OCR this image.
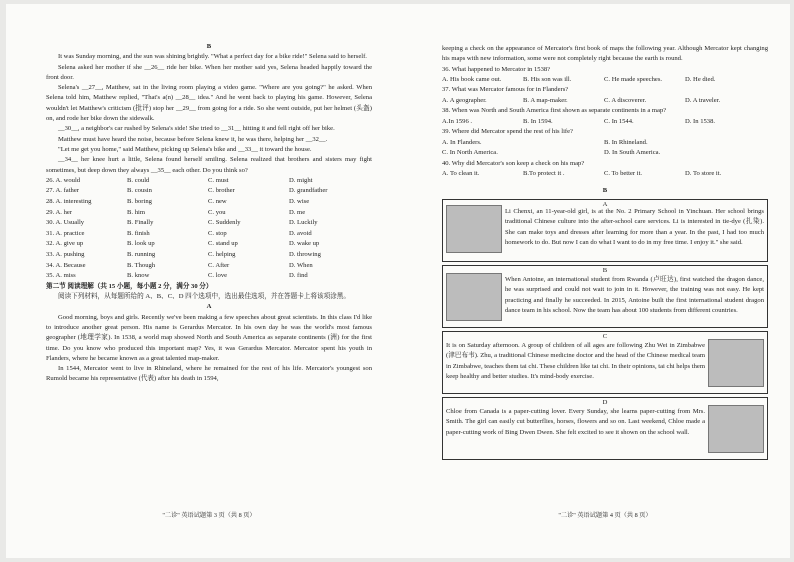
B
It was Sunday morning, and the sun was shining brightly. "What a perfect day for a bike ride!" Selena said to herself.
Selena asked her mother if she __26__ ride her bike. When her mother said yes, Selena headed happily toward the front door.
Selena's __27__, Matthew, sat in the living room playing a video game. "Where are you going?" he asked. When Selena told him, Matthew replied, "That's a(n) __28__ idea." And he went back to playing his game. However, Selena wouldn't let Matthew's criticism (批评) stop her __29__ from going for a ride. So she went outside, put her helmet (头盔) on, and rode her bike down the sidewalk.
__30__, a neighbor's car rushed by Selena's side! She tried to __31__ hitting it and fell right off her bike.
Matthew must have heard the noise, because before Selena knew it, he was there, helping her __32__.
"Let me get you home," said Matthew, picking up Selena's bike and __33__ it toward the house.
__34__ her knee hurt a little, Selena found herself smiling. Selena realized that brothers and sisters may fight sometimes, but deep down they always __35__ each other. Do you think so?
26. A. would	B. could	C. must	D. might
27. A. father	B. cousin	C. brother	D. grandfather
28. A. interesting	B. boring	C. new	D. wise
29. A. her	B. him	C. you	D. me
30. A. Usually	B. Finally	C. Suddenly	D. Luckily
31. A. practice	B. finish	C. stop	D. avoid
32. A. give up	B. look up	C. stand up	D. wake up
33. A. pushing	B. running	C. helping	D. throwing
34. A. Because	B. Though	C. After	D. When
35. A. miss	B. know	C. love	D. find
第二节 阅读理解（共 15 小题，每小题 2 分，满分 30 分）
阅读下列材料，从每题所给的 A、B、C、D 四个选项中，选出最佳选项，并在答题卡上将该项涂黑。
A
Good morning, boys and girls. Recently we've been making a few speeches about great scientists. In this class I'd like to introduce another great person. His name is Gerardus Mercator. In his own day he was the world's most famous geographer (地理学家). In 1538, a world map showed North and South America as separate continents (洲) for the first time. Do you know who produced this important map? Yes, it was Gerardus Mercator. Mercator spent his youth in Flanders, where he became known as a great talented map-maker.
In 1544, Mercator went to live in Rhineland, where he remained for the rest of his life. Mercator's youngest son Rumold became his representative (代表) after his death in 1594,
"二诊" 英语试题第 3 页（共 8 页）
keeping a check on the appearance of Mercator's first book of maps the following year. Although Mercator kept changing his maps with new information, some were not completely right because the earth is round.
36. What happened to Mercator in 1538?
A. His book came out.	B. His son was ill.	C. He made speeches.	D. He died.
37. What was Mercator famous for in Flanders?
A. A geographer.	B. A map-maker.	C. A discoverer.	D. A traveler.
38. When was North and South America first shown as separate continents in a map?
A.In 1596 .	B. In 1594.	C. In 1544.	D. In 1538.
39. Where did Mercator spend the rest of his life?
A. In Flanders.	B. In Rhineland.
C. In North America.	D. In South America.
40. Why did Mercator's son keep a check on his map?
A. To clean it.	B.To protect it .	C. To better it.	D. To store it.
B
A
Li Chenxi, an 11-year-old girl, is at the No. 2 Primary School in Yinchuan. Her school brings traditional Chinese culture into the after-school care services. Li is interested in tie-dye (扎染). She can make toys and dresses after learning for more than a year. In the past, I had too much homework to do. But now I can do what I want to do in my free time. I enjoy it." she said.
B
When Antoine, an international student from Rwanda (卢旺达), first watched the dragon dance, he was surprised and could not wait to join in it. However, the training was not easy. He kept practicing and finally he succeeded. In 2015, Antoine built the first international student dragon dance team in his school. Now the team has about 100 students from different countries.
C
It is on Saturday afternoon. A group of children of all ages are following Zhu Wei in Zimbabwe (津巴布韦). Zhu, a traditional Chinese medicine doctor and the head of the Chinese medical team in Zimbabwe, teaches them tai chi. These children like tai chi. In their opinions, tai chi helps them keep healthy and better studies. It's mind-body exercise.
D
Chloe from Canada is a paper-cutting lover. Every Sunday, she learns paper-cutting from Mrs. Smith. The girl can easily cut butterflies, horses, flowers and so on. Last weekend, Chloe made a paper-cutting work of Bing Dwen Dwen. She felt excited to see it shown on the school wall.
"二诊" 英语试题第 4 页（共 8 页）
